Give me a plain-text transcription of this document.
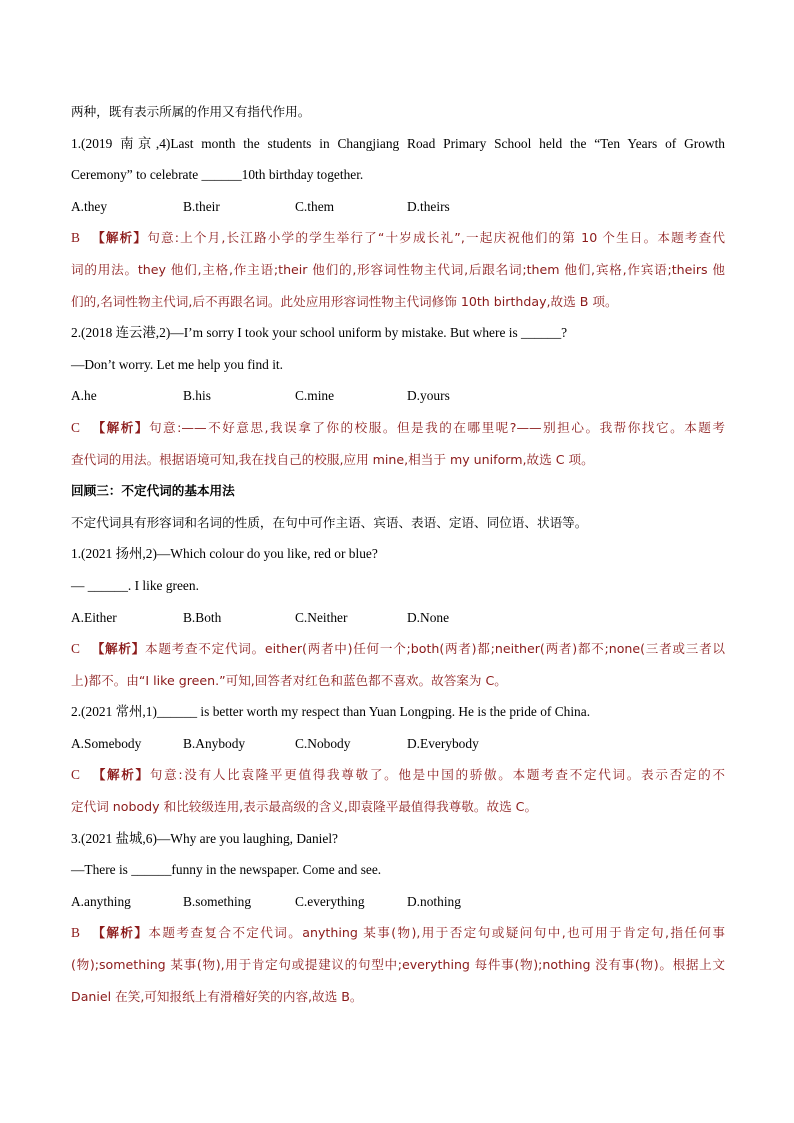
两种，既有表示所属的作用又有指代作用。
1.(2019 南京,4)Last month the students in Changjiang Road Primary School held the “Ten Years of Growth
Ceremony” to celebrate ______10th birthday together.
A.they	B.their	C.them	D.theirs
B 【解析】句意:上个月,长江路小学的学生举行了“十岁成长礼”,一起庆祝他们的第 10 个生日。本题考查代
词的用法。they 他们,主格,作主语;their 他们的,形容词性物主代词,后跟名词;them 他们,宾格,作宾语;theirs 他
们的,名词性物主代词,后不再跟名词。此处应用形容词性物主代词修饰 10th birthday,故选 B 项。
2.(2018 连云港,2)—I’m sorry I took your school uniform by mistake. But where is ______?
—Don’t worry. Let me help you find it.
A.he	B.his	C.mine	D.yours
C 【解析】句意:——不好意思,我误拿了你的校服。但是我的在哪里呢?——别担心。我帮你找它。本题考
查代词的用法。根据语境可知,我在找自己的校服,应用 mine,相当于 my uniform,故选 C 项。
回顾三：不定代词的基本用法
不定代词具有形容词和名词的性质，在句中可作主语、宾语、表语、定语、同位语、状语等。
1.(2021 扬州,2)—Which colour do you like, red or blue?
— ______. I like green.
A.Either	B.Both	C.Neither	D.None
C 【解析】本题考查不定代词。either(两者中)任何一个;both(两者)都;neither(两者)都不;none(三者或三者以
上)都不。由“I like green.”可知,回答者对红色和蓝色都不喜欢。故答案为 C。
2.(2021 常州,1)______ is better worth my respect than Yuan Longping. He is the pride of China.
A.Somebody	B.Anybody	C.Nobody	D.Everybody
C 【解析】句意:没有人比袁隆平更值得我尊敬了。他是中国的骄傲。本题考查不定代词。表示否定的不
定代词 nobody 和比较级连用,表示最高级的含义,即袁隆平最值得我尊敬。故选 C。
3.(2021 盐城,6)—Why are you laughing, Daniel?
—There is ______funny in the newspaper. Come and see.
A.anything	B.something	C.everything	D.nothing
B 【解析】本题考查复合不定代词。anything 某事(物),用于否定句或疑问句中,也可用于肯定句,指任何事
(物);something 某事(物),用于肯定句或提建议的句型中;everything 每件事(物);nothing 没有事(物)。根据上文
Daniel 在笑,可知报纸上有滑稽好笑的内容,故选 B。
